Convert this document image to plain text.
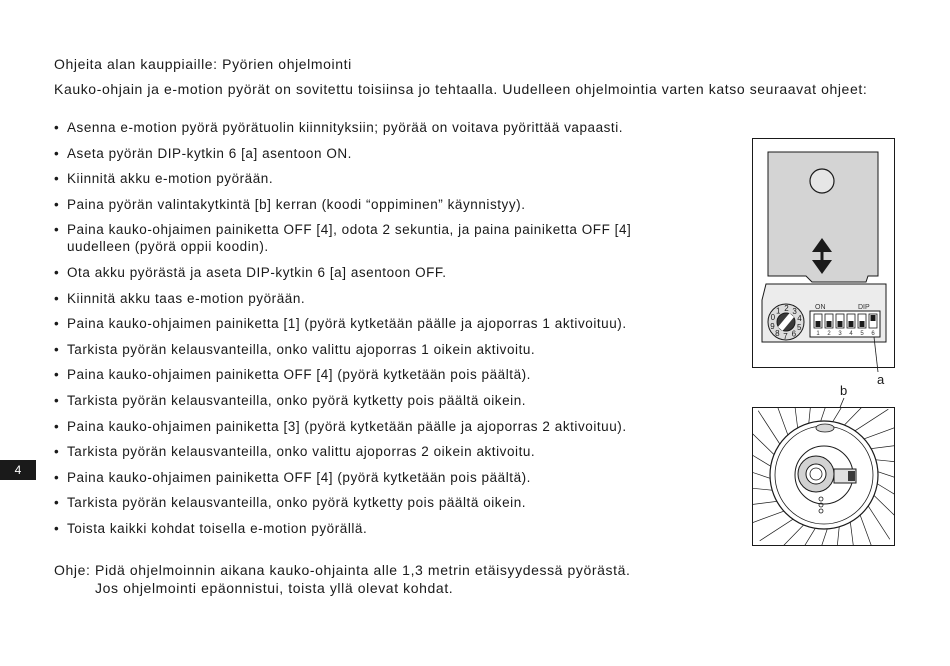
Ohjeita alan kauppiaille: Pyörien ohjelmointi
Kauko-ohjain ja e-motion pyörät on sovitettu toisiinsa jo tehtaalla. Uudelleen ohjelmointia varten katso seuraavat ohjeet:
• Asenna e-motion pyörä pyörätuolin kiinnityksiin; pyörää on voitava pyörittää vapaasti.
• Aseta pyörän DIP-kytkin 6 [a] asentoon ON.
• Kiinnitä akku e-motion pyörään.
• Paina pyörän valintakytkintä [b] kerran (koodi “oppiminen” käynnistyy).
• Paina kauko-ohjaimen painiketta OFF [4], odota 2 sekuntia, ja paina painiketta OFF [4] uudelleen (pyörä oppii koodin).
• Ota akku pyörästä ja aseta DIP-kytkin 6 [a] asentoon OFF.
• Kiinnitä akku taas e-motion pyörään.
• Paina kauko-ohjaimen painiketta [1] (pyörä kytketään päälle ja ajoporras 1 aktivoituu).
• Tarkista pyörän kelausvanteilla, onko valittu ajoporras 1 oikein aktivoitu.
• Paina kauko-ohjaimen painiketta OFF [4] (pyörä kytketään pois päältä).
• Tarkista pyörän kelausvanteilla, onko pyörä kytketty pois päältä oikein.
• Paina kauko-ohjaimen painiketta [3] (pyörä kytketään päälle ja ajoporras 2 aktivoituu).
• Tarkista pyörän kelausvanteilla, onko valittu ajoporras 2 oikein aktivoitu.
• Paina kauko-ohjaimen painiketta OFF [4] (pyörä kytketään pois päältä).
• Tarkista pyörän kelausvanteilla, onko pyörä kytketty pois päältä oikein.
• Toista kaikki kohdat toisella e-motion pyörällä.
Ohje: Pidä ohjelmoinnin aikana kauko-ohjainta alle 1,3 metrin etäisyydessä pyörästä.
Jos ohjelmointi epäonnistui, toista yllä olevat kohdat.
4
0
1 2 3
4
5
6
7
8
9
ON	DIP
1 2 3 4 5 6
a
b
